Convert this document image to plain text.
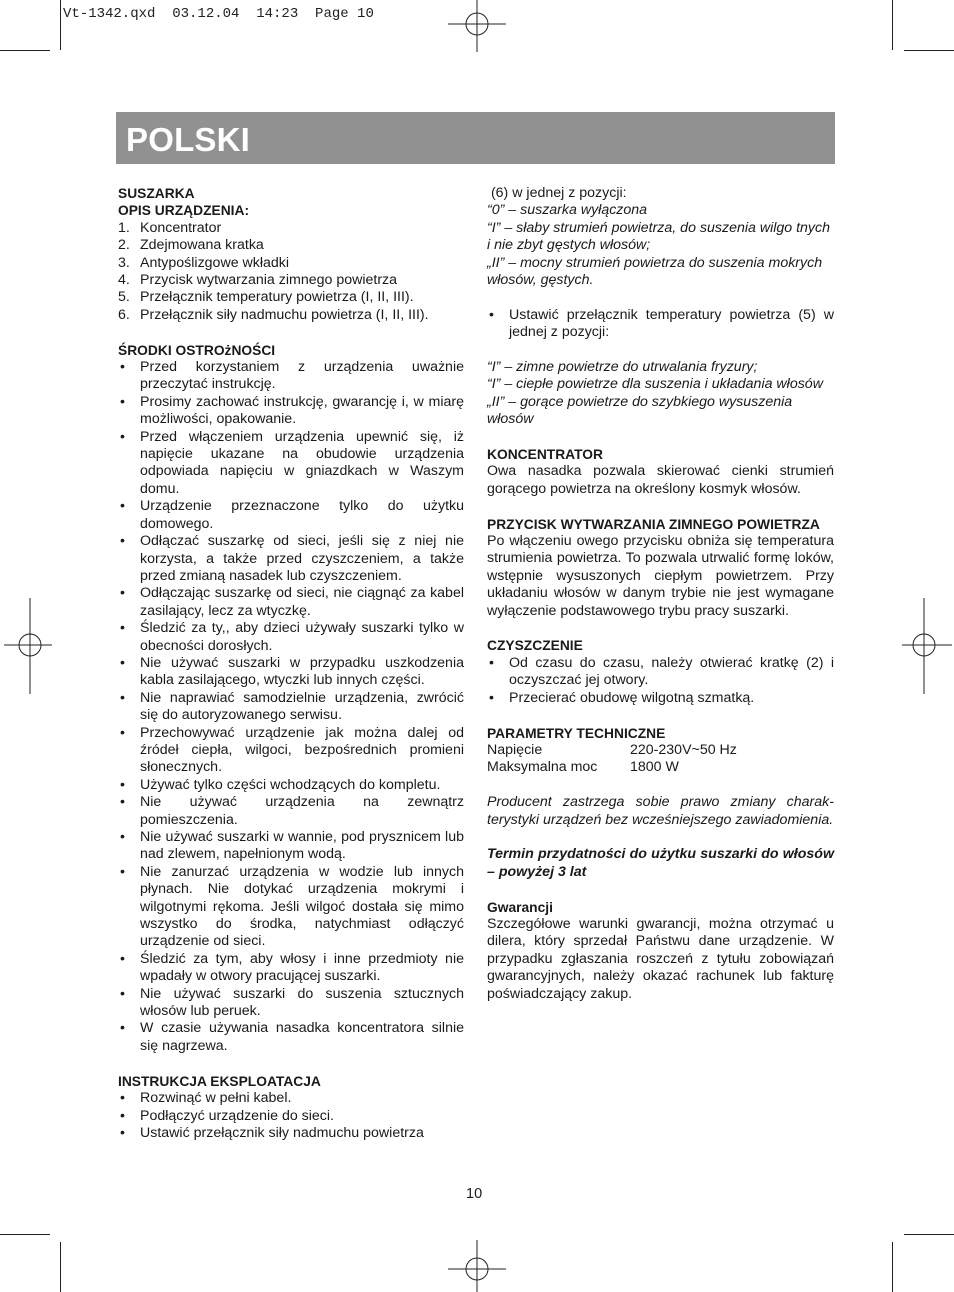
Vt-1342.qxd  03.12.04  14:23  Page 10
POLSKI
SUSZARKA
OPIS URZĄDZENIA:
1. Koncentrator
2. Zdejmowana kratka
3. Antypoślizgowe wkładki
4. Przycisk wytwarzania zimnego powietrza
5. Przełącznik temperatury powietrza (I, II, III).
6. Przełącznik siły nadmuchu powietrza (I, II, III).
ŚRODKI OSTROżNOŚCI
•	Przed korzystaniem z urządzenia uważnie przeczytać instrukcję.
•	Prosimy zachować instrukcję, gwarancję i, w miarę możliwości, opakowanie.
•	Przed włączeniem urządzenia upewnić się, iż napięcie ukazane na obudowie urządzenia odpowiada napięciu w gniazdkach w Waszym domu.
•	Urządzenie przeznaczone tylko do użytku domowego.
•	Odłączać suszarkę od sieci, jeśli się z niej nie korzysta, a także przed czyszczeniem, a także przed zmianą nasadek lub czyszczeniem.
•	Odłączając suszarkę od sieci, nie ciągnąć za kabel zasilający, lecz za wtyczkę.
•	Śledzić za ty,, aby dzieci używały suszarki tylko w obecności dorosłych.
•	Nie używać suszarki w przypadku uszkodzenia kabla zasilającego, wtyczki lub innych części.
•	Nie naprawiać samodzielnie urządzenia, zwrócić się do autoryzowanego serwisu.
•	Przechowywać urządzenie jak można dalej od źródeł ciepła, wilgoci, bezpośrednich promieni słonecznych.
•	Używać tylko części wchodzących do kompletu.
•	Nie używać urządzenia na zewnątrz pomieszczenia.
•	Nie używać suszarki w wannie, pod prysznicem lub nad zlewem, napełnionym wodą.
•	Nie zanurzać urządzenia w wodzie lub innych płynach. Nie dotykać urządzenia mokrymi i wilgotnymi rękoma. Jeśli wilgoć dostała się mimo wszystko do środka, natychmiast odłączyć urządzenie od sieci.
•	Śledzić za tym, aby włosy i inne przedmioty nie wpadały w otwory pracującej suszarki.
•	Nie używać suszarki do suszenia sztucznych włosów lub peruek.
•	W czasie używania nasadka koncentratora silnie się nagrzewa.
INSTRUKCJA EKSPLOATACJA
•	Rozwinąć w pełni kabel.
•	Podłączyć urządzenie do sieci.
•	Ustawić przełącznik siły nadmuchu powietrza
(6) w jednej z pozycji:
“0” – suszarka wyłączona
“I” – słaby strumień powietrza, do suszenia wilgo tnych i nie zbyt gęstych włosów;
„II” – mocny strumień powietrza do suszenia mokrych włosów, gęstych.
•	Ustawić przełącznik temperatury powietrza (5) w jednej z pozycji:
“I” – zimne powietrze do utrwalania fryzury;
“I” – ciepłe powietrze dla suszenia i układania włosów
„II” – gorące powietrze do szybkiego wysuszenia włosów
KONCENTRATOR
Owa nasadka pozwala skierować cienki strumień gorącego powietrza na określony kosmyk włosów.
PRZYCISK WYTWARZANIA ZIMNEGO POWIETRZA
Po włączeniu owego przycisku obniża się temperatura strumienia powietrza. To pozwala utrwalić formę loków, wstępnie wysuszonych ciepłym powietrzem. Przy układaniu włosów w danym trybie nie jest wymagane wyłączenie podstawowego trybu pracy suszarki.
CZYSZCZENIE
•	Od czasu do czasu, należy otwierać kratkę (2) i oczyszczać jej otwory.
•	Przecierać obudowę wilgotną szmatką.
PARAMETRY TECHNICZNE
Napięcie	220-230V~50 Hz
Maksymalna moc	1800 W
Producent zastrzega sobie prawo zmiany charakterystyki urządzeń bez wcześniejszego zawiadomienia.
Termin przydatności do użytku suszarki do włosów – powyżej 3 lat
Gwarancji
Szczegółowe warunki gwarancji, można otrzymać u dilera, który sprzedał Państwu dane urządzenie. W przypadku zgłaszania roszczeń z tytułu zobowiązań gwarancyjnych, należy okazać rachunek lub fakturę poświadczający zakup.
10
